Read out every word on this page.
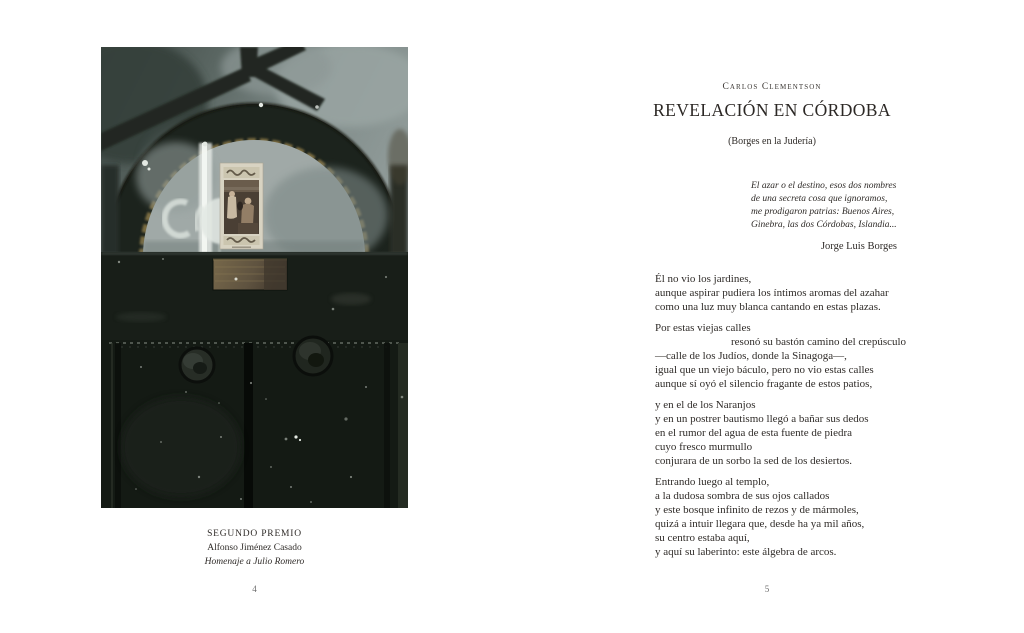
SEGUNDO PREMIO
Alfonso Jiménez Casado
Homenaje a Julio Romero
4
Carlos Clementson
REVELACIÓN EN CÓRDOBA
(Borges en la Judería)
El azar o el destino, esos dos nombres
de una secreta cosa que ignoramos,
me prodigaron patrias: Buenos Aires,
Ginebra, las dos Córdobas, Islandia...
Jorge Luis Borges
Él no vio los jardines,
aunque aspirar pudiera los íntimos aromas del azahar
como una luz muy blanca cantando en estas plazas.
Por estas viejas calles
resonó su bastón camino del crepúsculo
—calle de los Judíos, donde la Sinagoga—,
igual que un viejo báculo, pero no vio estas calles
aunque sí oyó el silencio fragante de estos patios,
y en el de los Naranjos
y en un postrer bautismo llegó a bañar sus dedos
en el rumor del agua de esta fuente de piedra
cuyo fresco murmullo
conjurara de un sorbo la sed de los desiertos.
Entrando luego al templo,
a la dudosa sombra de sus ojos callados
y este bosque infinito de rezos y de mármoles,
quizá a intuir llegara que, desde ha ya mil años,
su centro estaba aquí,
y aquí su laberinto: este álgebra de arcos.
5
